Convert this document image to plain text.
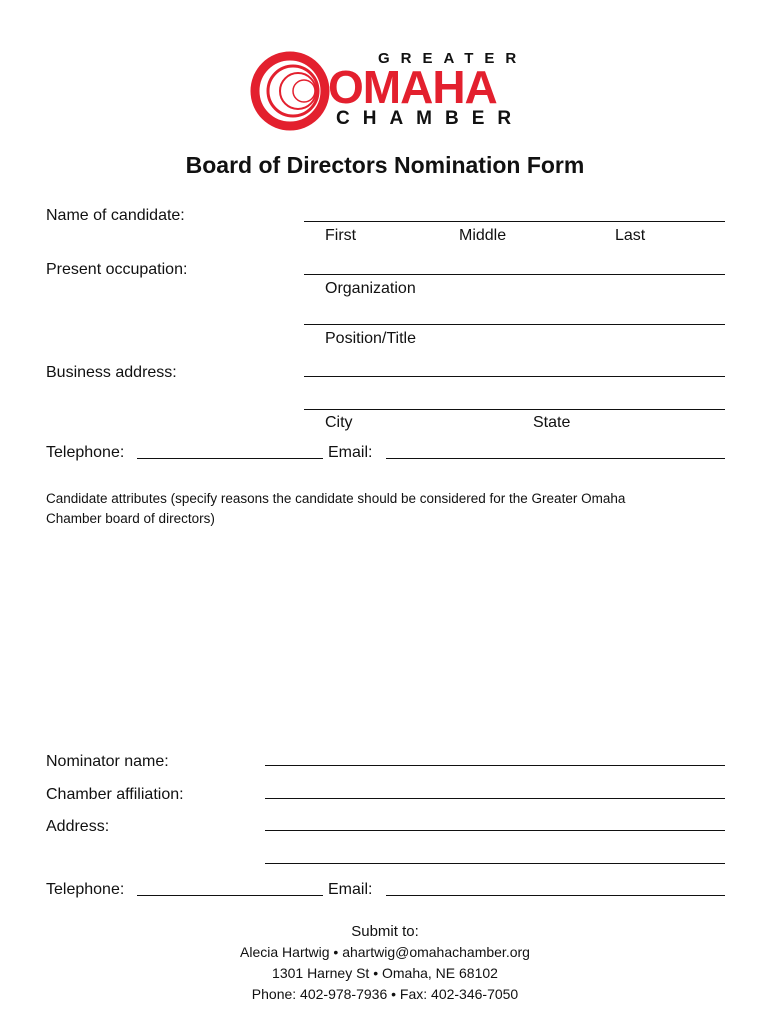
GREATER
OMAHA
CHAMBER
Board of Directors Nomination Form
Name of candidate:
First	Middle	Last
Present occupation:
Organization
Position/Title
Business address:
City	State
Telephone:	Email:
Candidate attributes (specify reasons the candidate should be considered for the Greater Omaha Chamber board of directors)
Nominator name:
Chamber affiliation:
Address:
Telephone:	Email:
Submit to:
Alecia Hartwig • ahartwig@omahachamber.org
1301 Harney St • Omaha, NE 68102
Phone: 402-978-7936 • Fax: 402-346-7050
